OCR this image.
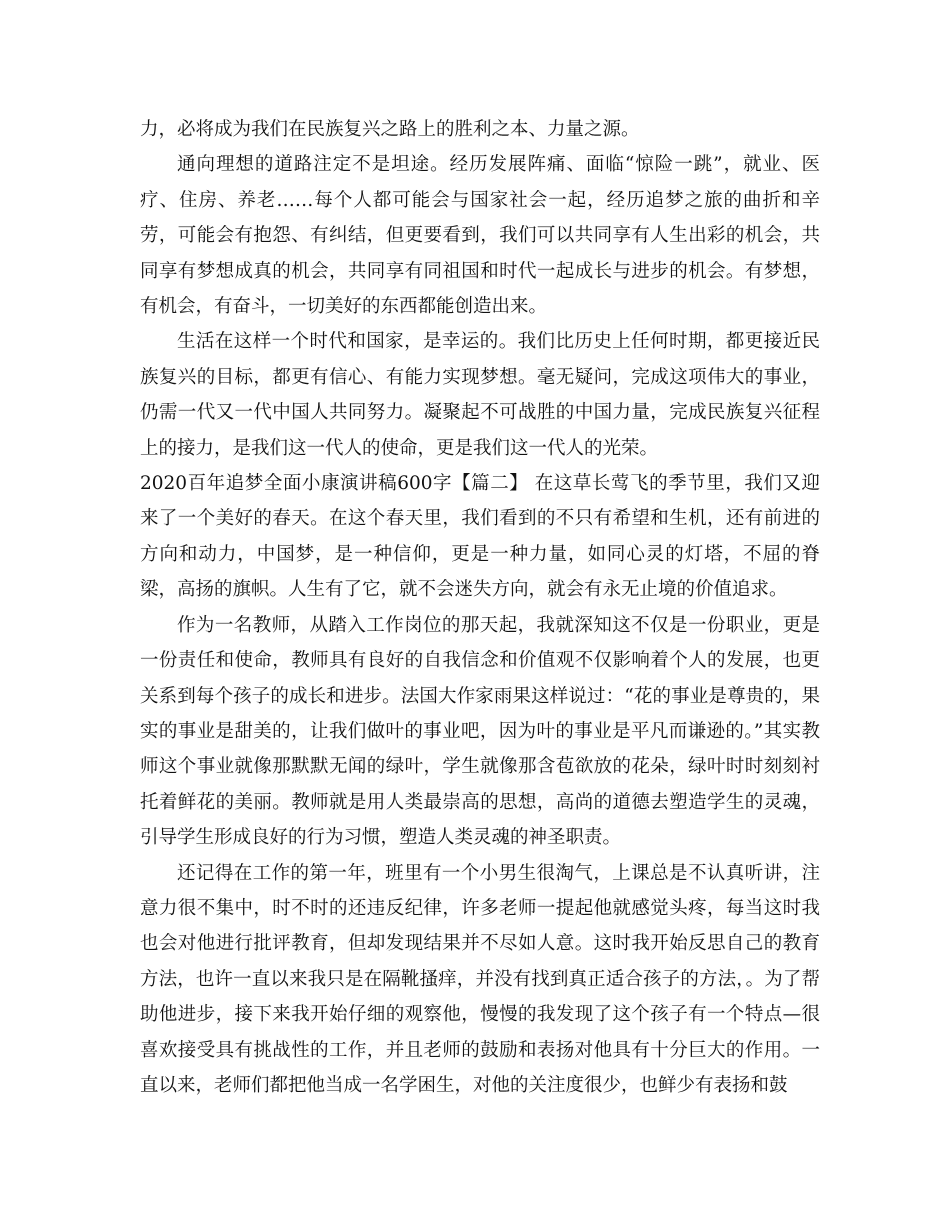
力，必将成为我们在民族复兴之路上的胜利之本、力量之源。

通向理想的道路注定不是坦途。经历发展阵痛、面临“惊险一跳”，就业、医疗、住房、养老……每个人都可能会与国家社会一起，经历追梦之旅的曲折和辛劳，可能会有抱怨、有纠结，但更要看到，我们可以共同享有人生出彩的机会，共同享有梦想成真的机会，共同享有同祖国和时代一起成长与进步的机会。有梦想，有机会，有奋斗，一切美好的东西都能创造出来。

生活在这样一个时代和国家，是幸运的。我们比历史上任何时期，都更接近民族复兴的目标，都更有信心、有能力实现梦想。毫无疑问，完成这项伟大的事业，仍需一代又一代中国人共同努力。凝聚起不可战胜的中国力量，完成民族复兴征程上的接力，是我们这一代人的使命，更是我们这一代人的光荣。

2020百年追梦全面小康演讲稿600字【篇二】 在这草长莺飞的季节里，我们又迎来了一个美好的春天。在这个春天里，我们看到的不只有希望和生机，还有前进的方向和动力，中国梦，是一种信仰，更是一种力量，如同心灵的灯塔，不屈的脊梁，高扬的旗帜。人生有了它，就不会迷失方向，就会有永无止境的价值追求。

作为一名教师，从踏入工作岗位的那天起，我就深知这不仅是一份职业，更是一份责任和使命，教师具有良好的自我信念和价值观不仅影响着个人的发展，也更关系到每个孩子的成长和进步。法国大作家雨果这样说过：“花的事业是尊贵的，果实的事业是甜美的，让我们做叶的事业吧，因为叶的事业是平凡而谦逊的。”其实教师这个事业就像那默默无闻的绿叶，学生就像那含苞欲放的花朵，绿叶时时刻刻衬托着鲜花的美丽。教师就是用人类最崇高的思想，高尚的道德去塑造学生的灵魂，引导学生形成良好的行为习惯，塑造人类灵魂的神圣职责。

还记得在工作的第一年，班里有一个小男生很淘气，上课总是不认真听讲，注意力很不集中，时不时的还违反纪律，许多老师一提起他就感觉头疼，每当这时我也会对他进行批评教育，但却发现结果并不尽如人意。这时我开始反思自己的教育方法，也许一直以来我只是在隔靴搔痒，并没有找到真正适合孩子的方法，。为了帮助他进步，接下来我开始仔细的观察他，慢慢的我发现了这个孩子有一个特点—很喜欢接受具有挑战性的工作，并且老师的鼓励和表扬对他具有十分巨大的作用。一直以来，老师们都把他当成一名学困生，对他的关注度很少，也鲜少有表扬和鼓
